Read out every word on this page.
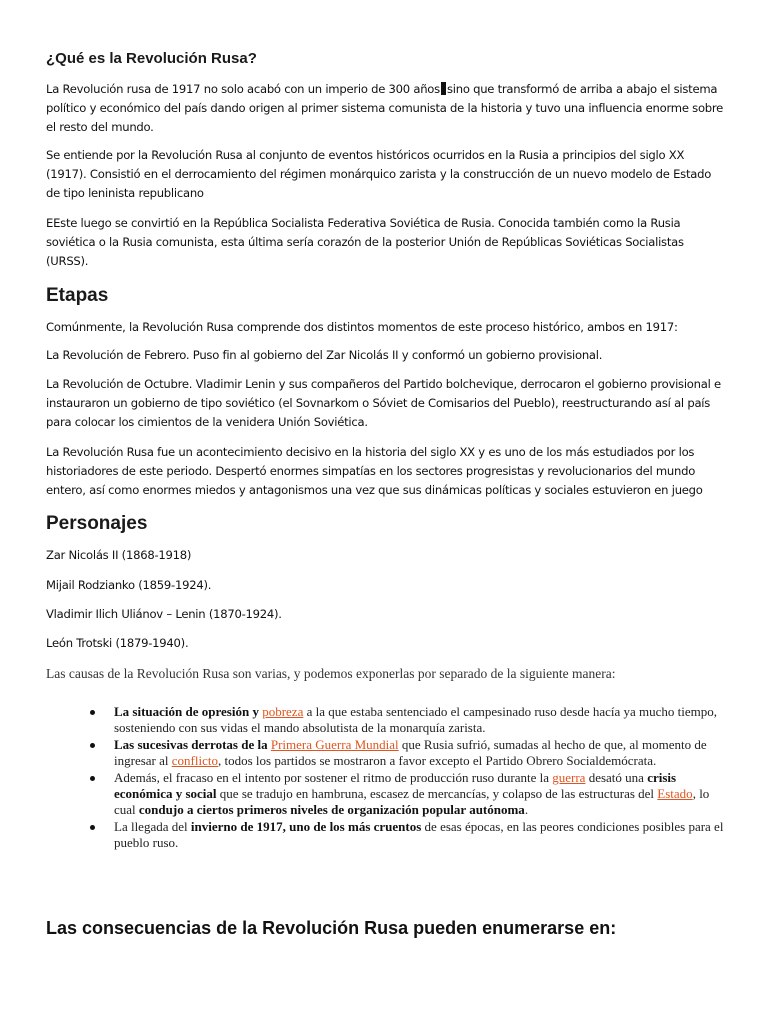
¿Qué es la Revolución Rusa?

La Revolución rusa de 1917 no solo acabó con un imperio de 300 años sino que transformó de arriba a abajo el sistema político y económico del país dando origen al primer sistema comunista de la historia y tuvo una influencia enorme sobre el resto del mundo.

Se entiende por la Revolución Rusa al conjunto de eventos históricos ocurridos en la Rusia a principios del siglo XX (1917). Consistió en el derrocamiento del régimen monárquico zarista y la construcción de un nuevo modelo de Estado de tipo leninista republicano

EEste luego se convirtió en la República Socialista Federativa Soviética de Rusia. Conocida también como la Rusia soviética o la Rusia comunista, esta última sería corazón de la posterior Unión de Repúblicas Soviéticas Socialistas (URSS).

Etapas

Comúnmente, la Revolución Rusa comprende dos distintos momentos de este proceso histórico, ambos en 1917:

La Revolución de Febrero. Puso fin al gobierno del Zar Nicolás II y conformó un gobierno provisional.

La Revolución de Octubre. Vladimir Lenin y sus compañeros del Partido bolchevique, derrocaron el gobierno provisional e instauraron un gobierno de tipo soviético (el Sovnarkom o Sóviet de Comisarios del Pueblo), reestructurando así al país para colocar los cimientos de la venidera Unión Soviética.

La Revolución Rusa fue un acontecimiento decisivo en la historia del siglo XX y es uno de los más estudiados por los historiadores de este periodo. Despertó enormes simpatías en los sectores progresistas y revolucionarios del mundo entero, así como enormes miedos y antagonismos una vez que sus dinámicas políticas y sociales estuvieron en juego

Personajes

Zar Nicolás II (1868-1918)

Mijail Rodzianko (1859-1924).

Vladimir Ilich Uliánov – Lenin (1870-1924).

León Trotski (1879-1940).

Las causas de la Revolución Rusa son varias, y podemos exponerlas por separado de la siguiente manera:

La situación de opresión y pobreza a la que estaba sentenciado el campesinado ruso desde hacía ya mucho tiempo, sosteniendo con sus vidas el mando absolutista de la monarquía zarista.
Las sucesivas derrotas de la Primera Guerra Mundial que Rusia sufrió, sumadas al hecho de que, al momento de ingresar al conflicto, todos los partidos se mostraron a favor excepto el Partido Obrero Socialdemócrata.
Además, el fracaso en el intento por sostener el ritmo de producción ruso durante la guerra desató una crisis económica y social que se tradujo en hambruna, escasez de mercancías, y colapso de las estructuras del Estado, lo cual condujo a ciertos primeros niveles de organización popular autónoma.
La llegada del invierno de 1917, uno de los más cruentos de esas épocas, en las peores condiciones posibles para el pueblo ruso.
Las consecuencias de la Revolución Rusa pueden enumerarse en:
